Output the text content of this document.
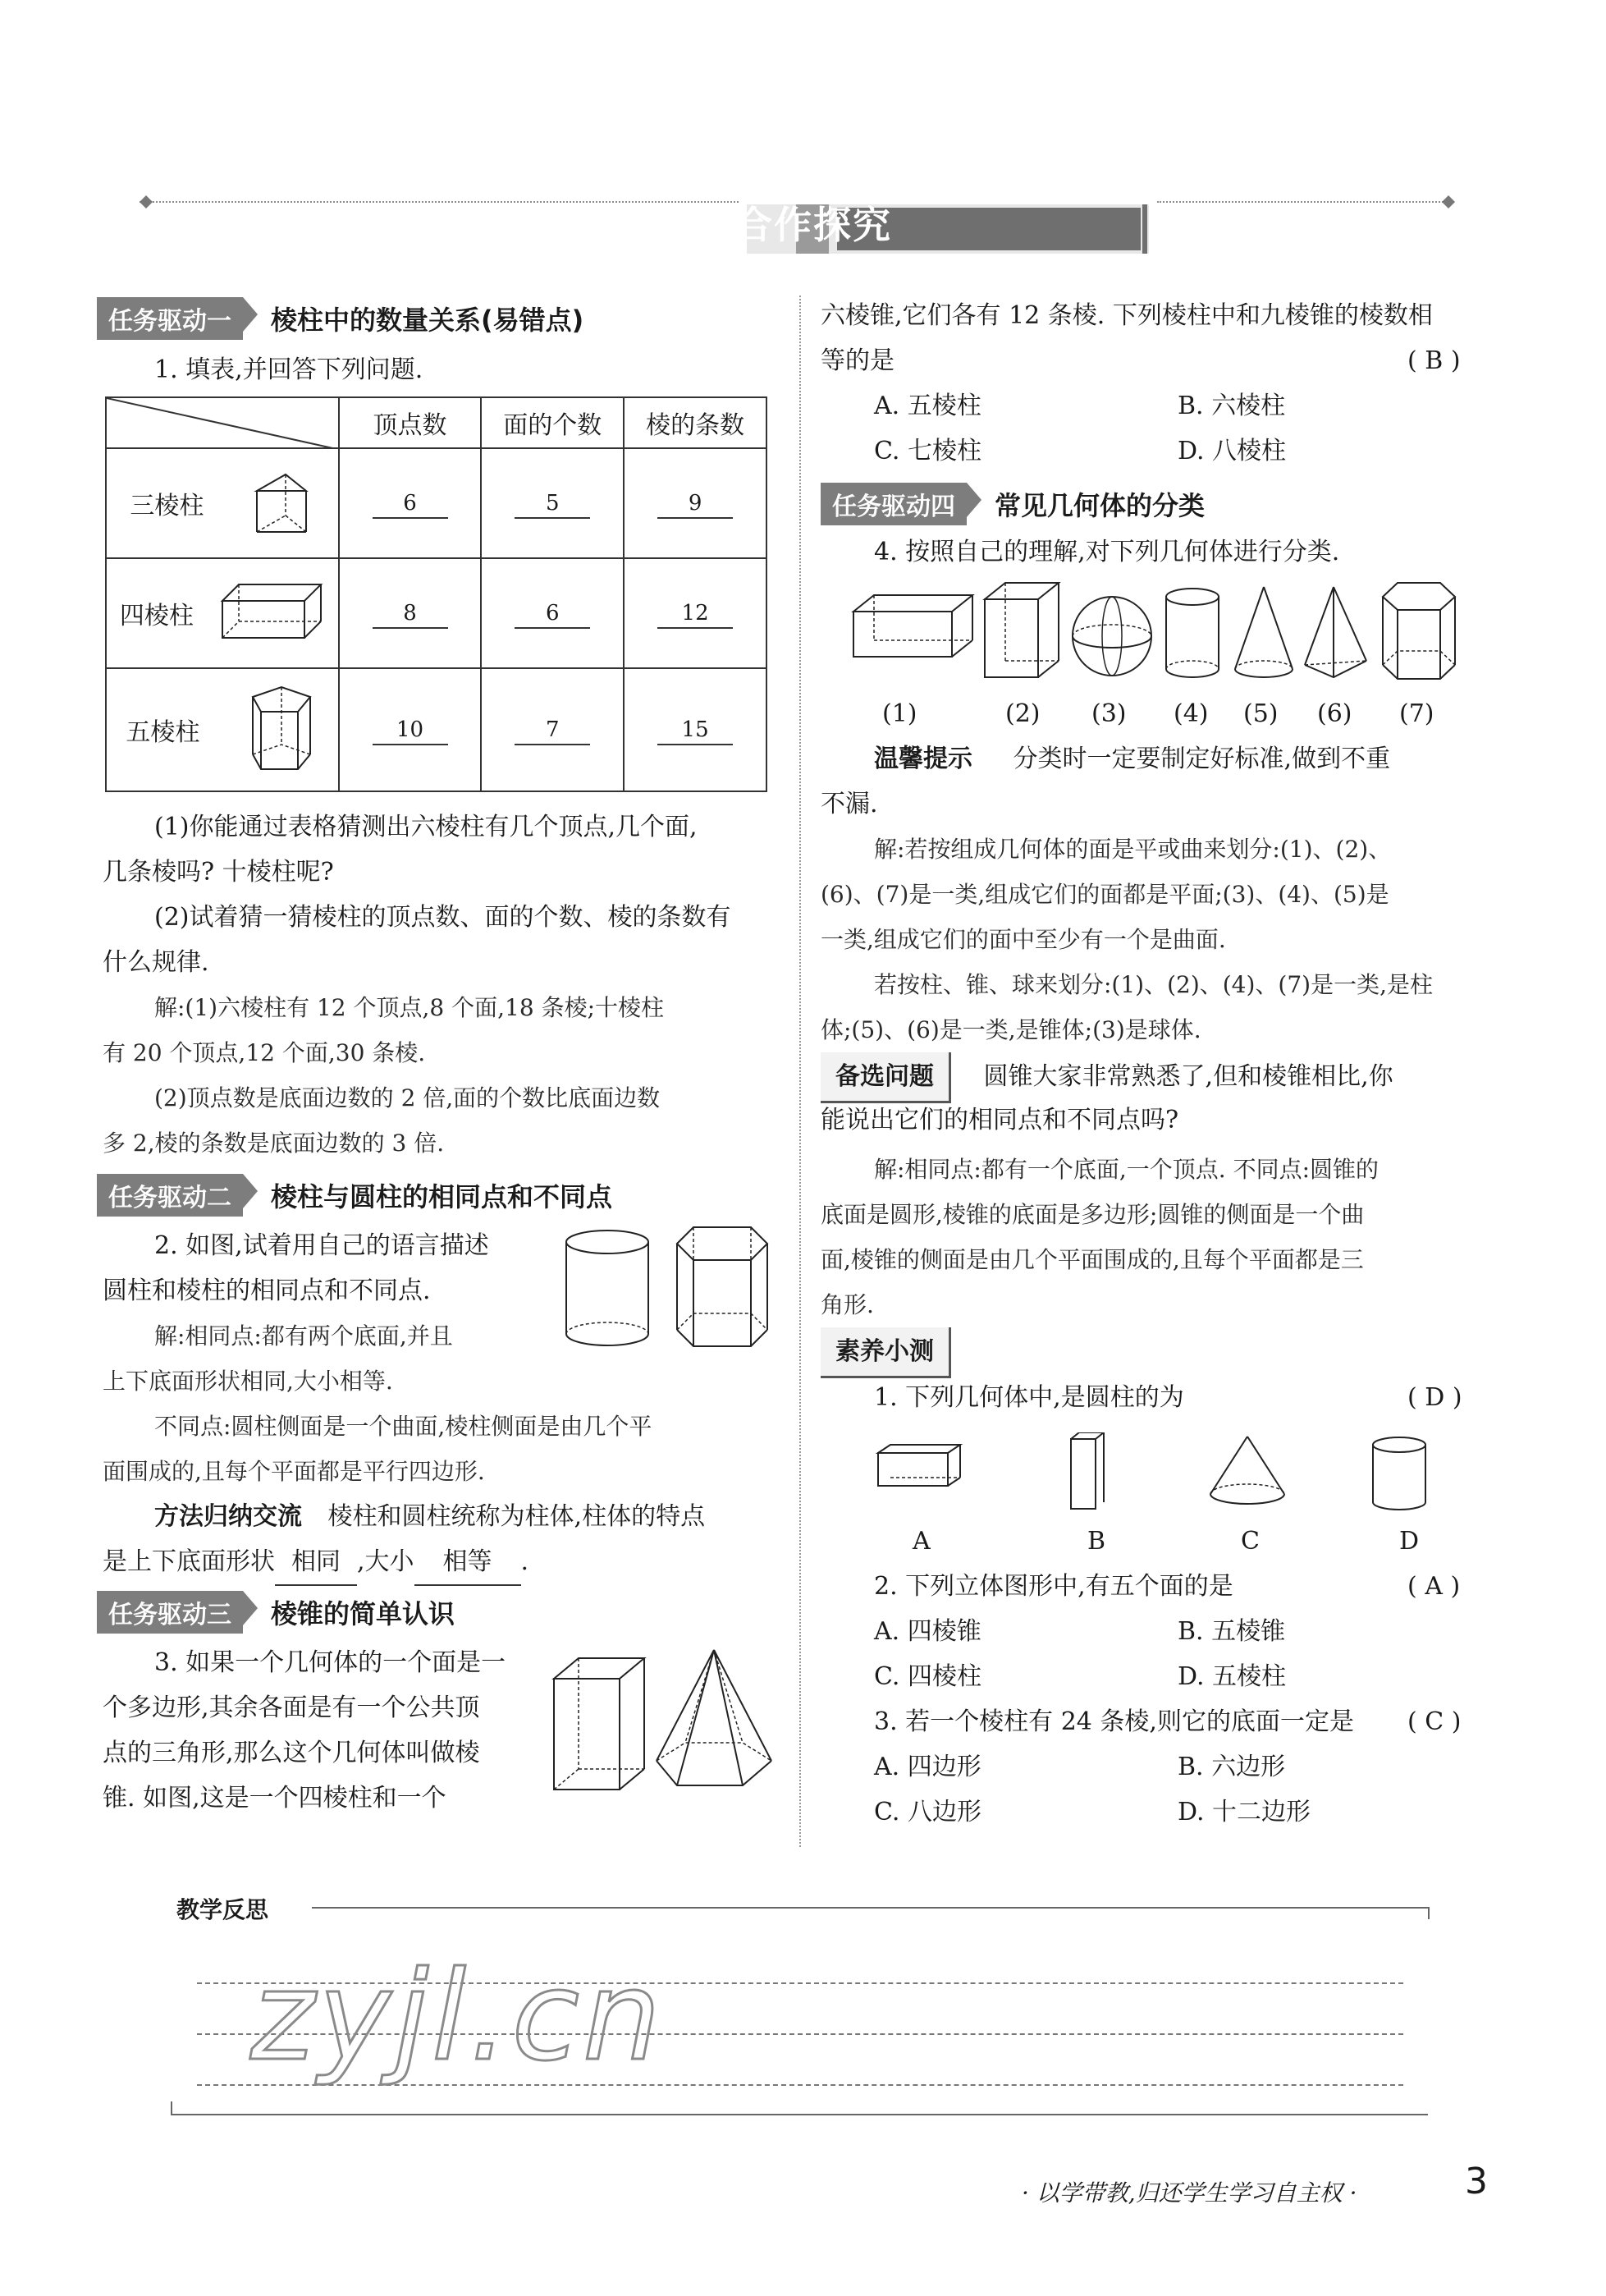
合作探究
任务驱动一	棱柱中的数量关系(易错点)
1. 填表,并回答下列问题.
	顶点数	面的个数	棱的条数

三棱柱	6	5	9

四棱柱	8	6	12

五棱柱	10	7	15
(1)你能通过表格猜测出六棱柱有几个顶点,几个面,
几条棱吗? 十棱柱呢?
(2)试着猜一猜棱柱的顶点数、面的个数、棱的条数有
什么规律.
解:(1)六棱柱有 12 个顶点,8 个面,18 条棱;十棱柱
有 20 个顶点,12 个面,30 条棱.
(2)顶点数是底面边数的 2 倍,面的个数比底面边数
多 2,棱的条数是底面边数的 3 倍.
任务驱动二	棱柱与圆柱的相同点和不同点
2. 如图,试着用自己的语言描述
圆柱和棱柱的相同点和不同点.
解:相同点:都有两个底面,并且
上下底面形状相同,大小相等.
不同点:圆柱侧面是一个曲面,棱柱侧面是由几个平
面围成的,且每个平面都是平行四边形.
方法归纳交流 棱柱和圆柱统称为柱体,柱体的特点
是上下底面形状 相同 ,大小 相等 .
任务驱动三	棱锥的简单认识
3. 如果一个几何体的一个面是一
个多边形,其余各面是有一个公共顶
点的三角形,那么这个几何体叫做棱
锥. 如图,这是一个四棱柱和一个
六棱锥,它们各有 12 条棱. 下列棱柱中和九棱锥的棱数相
等的是	( B )
A. 五棱柱	B. 六棱柱
C. 七棱柱	D. 八棱柱
任务驱动四	常见几何体的分类
4. 按照自己的理解,对下列几何体进行分类.
(1)	(2) (3) (4) (5) (6) (7)
温馨提示 分类时一定要制定好标准,做到不重
不漏.
解:若按组成几何体的面是平或曲来划分:(1)、(2)、
(6)、(7)是一类,组成它们的面都是平面;(3)、(4)、(5)是
一类,组成它们的面中至少有一个是曲面.
若按柱、锥、球来划分:(1)、(2)、(4)、(7)是一类,是柱
体;(5)、(6)是一类,是锥体;(3)是球体.
备选问题 圆锥大家非常熟悉了,但和棱锥相比,你
能说出它们的相同点和不同点吗?
解:相同点:都有一个底面,一个顶点. 不同点:圆锥的
底面是圆形,棱锥的底面是多边形;圆锥的侧面是一个曲
面,棱锥的侧面是由几个平面围成的,且每个平面都是三
角形.
素养小测
1. 下列几何体中,是圆柱的为	( D )
A	B	C	D
2. 下列立体图形中,有五个面的是	( A )
A. 四棱锥	B. 五棱锥
C. 四棱柱	D. 五棱柱
3. 若一个棱柱有 24 条棱,则它的底面一定是 ( C )
A. 四边形	B. 六边形
C. 八边形	D. 十二边形
教学反思
zyjl.cn
· 以学带教,归还学生学习自主权 ·	3
